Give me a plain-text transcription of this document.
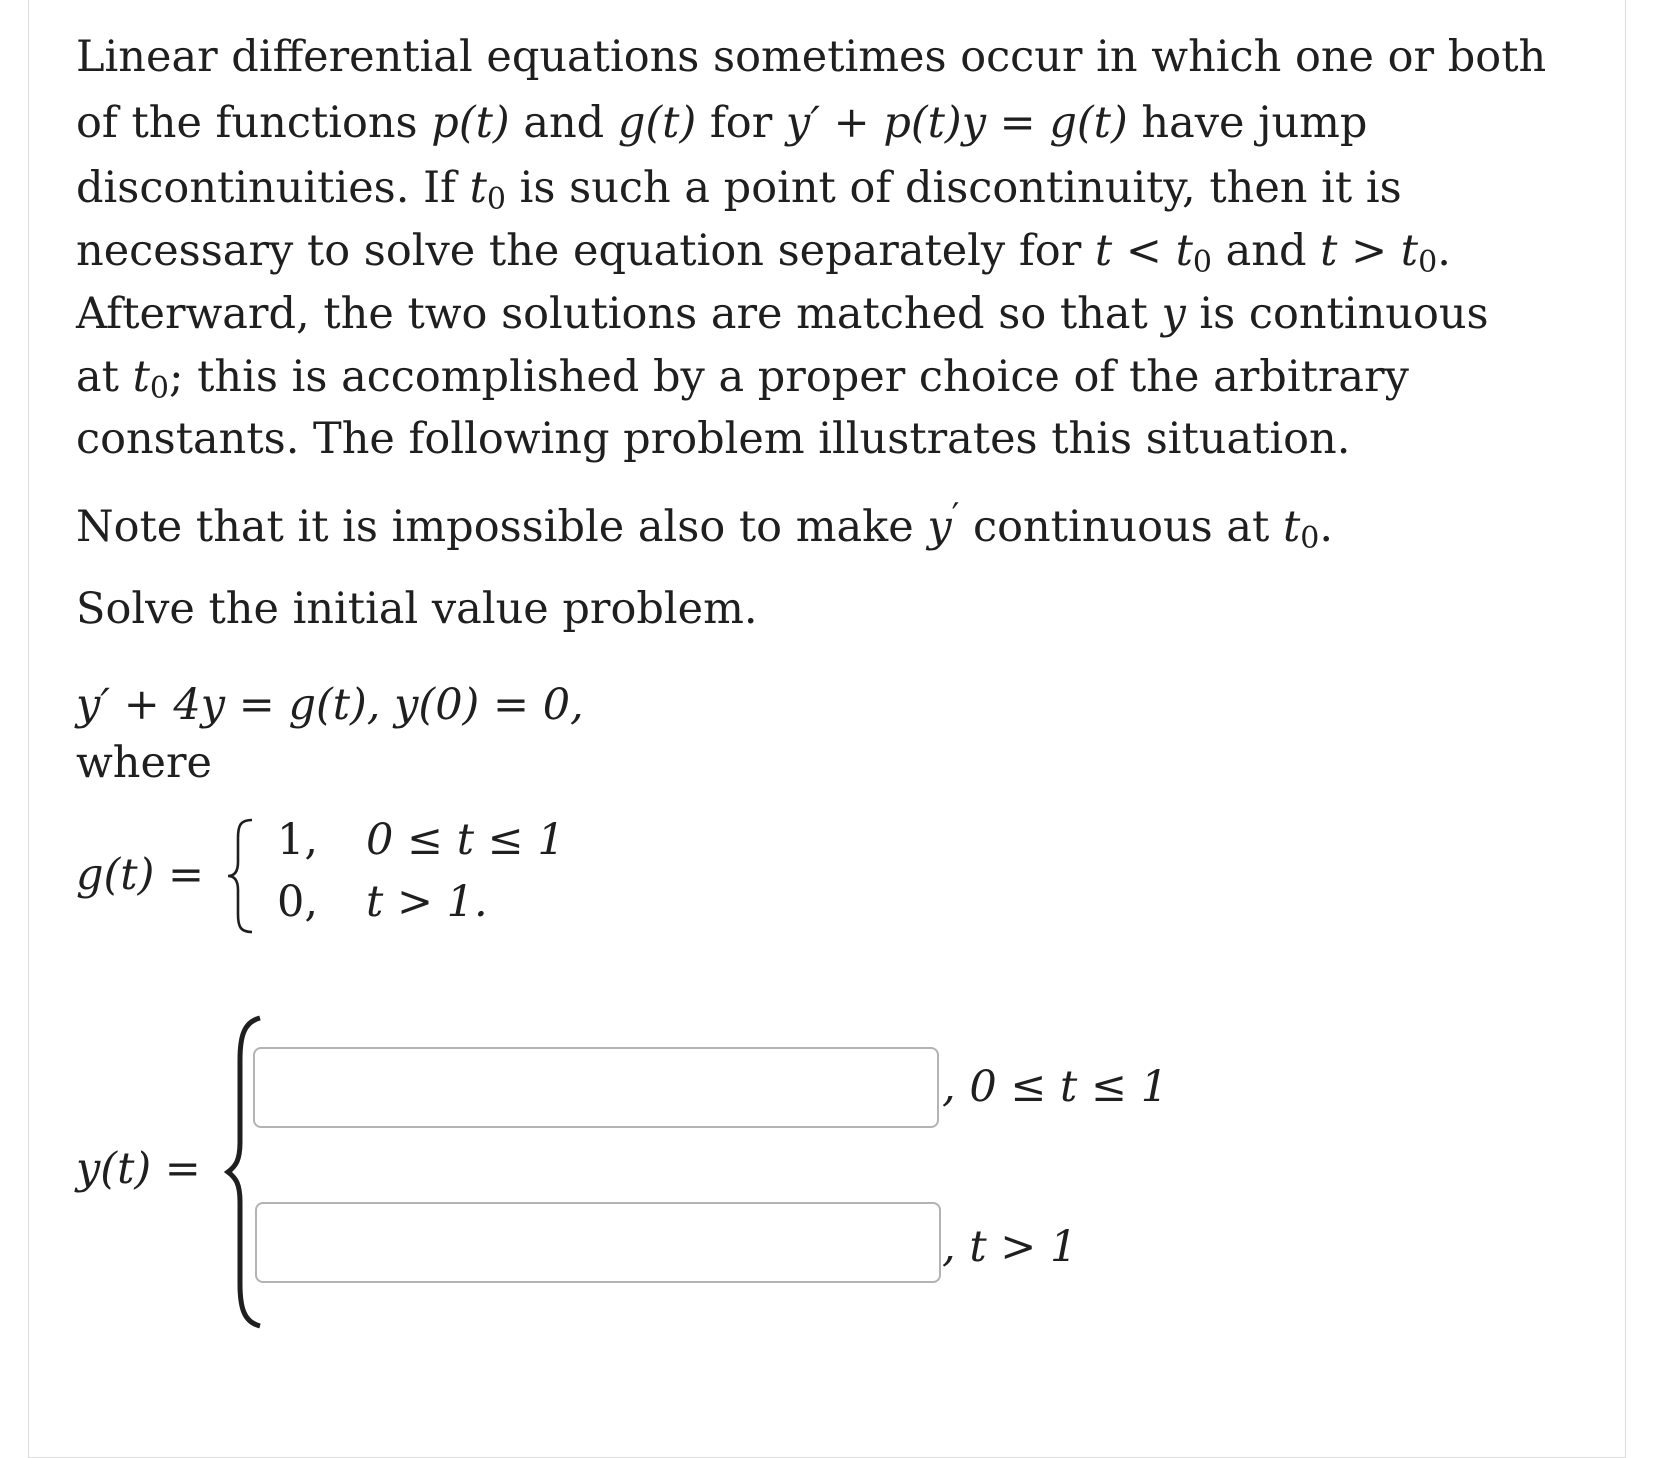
Linear differential equations sometimes occur in which one or both
of the functions p(t) and g(t) for y′ + p(t)y = g(t) have jump
discontinuities. If $t_0$ is such a point of discontinuity, then it is
necessary to solve the equation separately for $t < t_0$ and $t > t_0$.
Afterward, the two solutions are matched so that y is continuous
at $t_0$; this is accomplished by a proper choice of the arbitrary
constants. The following problem illustrates this situation.
Note that it is impossible also to make y′ continuous at $t_0$.
Solve the initial value problem.
y′ + 4y = g(t), y(0) = 0,
where
g(t) =
1, 0 ≤ t ≤ 1
0, t > 1.
y(t) =
, 0 ≤ t ≤ 1
, t > 1
